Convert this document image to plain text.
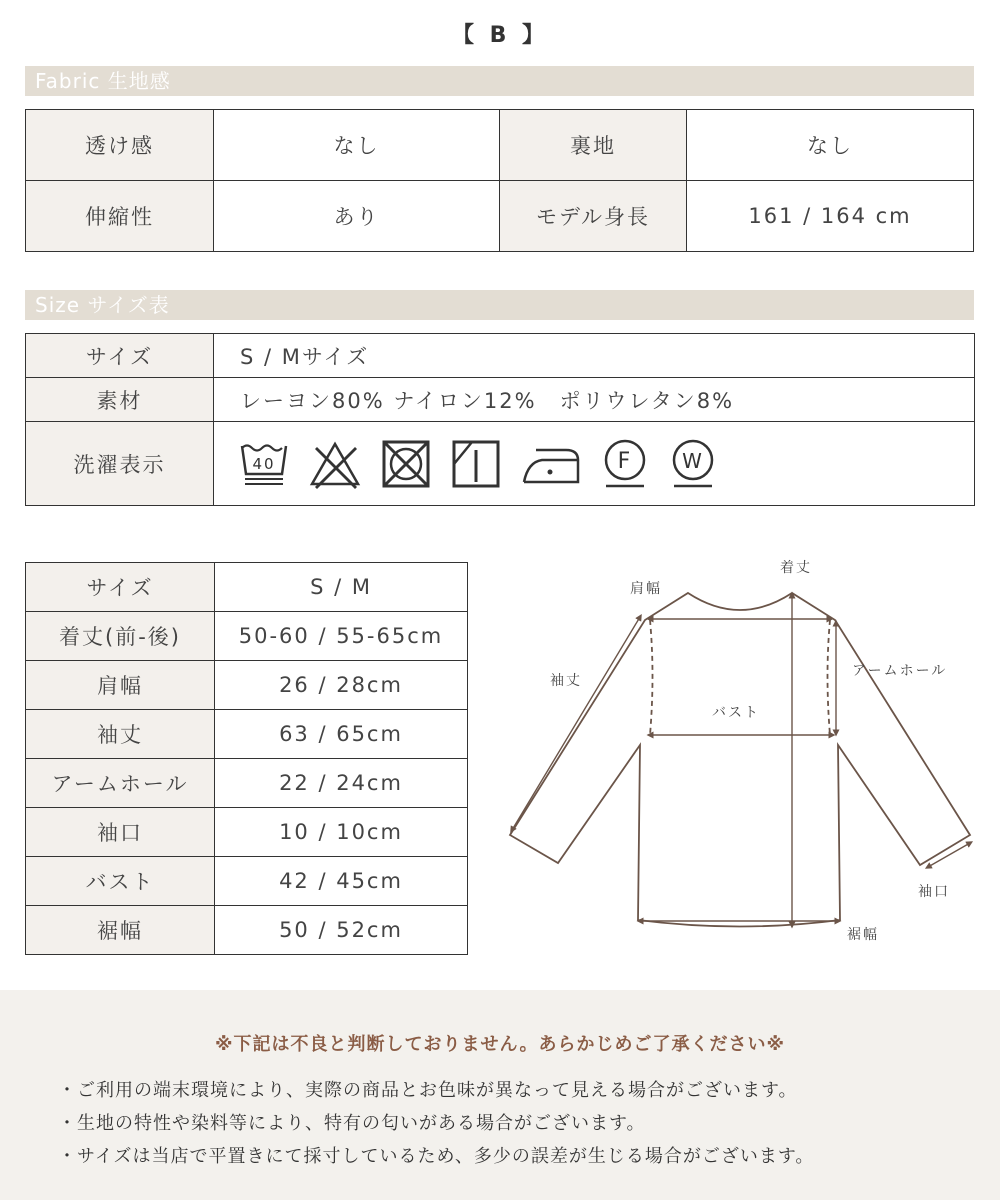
【 B 】
Fabric 生地感
透け感	なし	裏地	なし
伸縮性	あり	モデル身長	161 / 164 cm
Size サイズ表
サイズ	S / Mサイズ
素材	レーヨン80% ナイロン12%　ポリウレタン8%
洗濯表示	40 F W
サイズ	S / M
着丈(前-後)	50-60 / 55-65cm
肩幅	26 / 28cm
袖丈	63 / 65cm
アームホール	22 / 24cm
袖口	10 / 10cm
バスト	42 / 45cm
裾幅	50 / 52cm
着丈
肩幅
アームホール
袖丈
バスト
袖口
裾幅
※下記は不良と判断しておりません。あらかじめご了承ください※
・ご利用の端末環境により、実際の商品とお色味が異なって見える場合がございます。
・生地の特性や染料等により、特有の匂いがある場合がございます。
・サイズは当店で平置きにて採寸しているため、多少の誤差が生じる場合がございます。
